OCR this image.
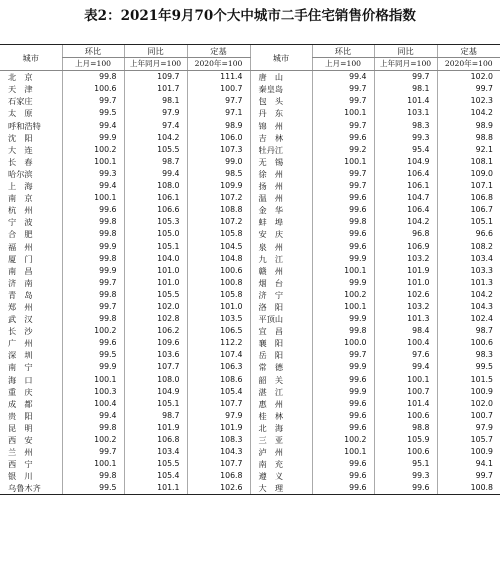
表2：2021年9月70个大中城市二手住宅销售价格指数
城市	环比	同比	定基	城市	环比	同比	定基
	上月=100	上年同月=100	2020年=100		上月=100	上年同月=100	2020年=100
北　京	99.8	109.7	111.4	唐　山	99.4	99.7	102.0
天　津	100.6	101.7	100.7	秦皇岛	99.7	98.1	99.7
石家庄	99.7	98.1	97.7	包　头	99.7	101.4	102.3
太　原	99.5	97.9	97.1	丹　东	100.1	103.1	104.2
呼和浩特	99.4	97.4	98.9	锦　州	99.7	98.3	98.9
沈　阳	99.9	104.2	106.0	吉　林	99.6	99.3	98.8
大　连	100.2	105.5	107.3	牡丹江	99.2	95.4	92.1
长　春	100.1	98.7	99.0	无　锡	100.1	104.9	108.1
哈尔滨	99.3	99.4	98.5	徐　州	99.7	106.4	109.0
上　海	99.4	108.0	109.9	扬　州	99.7	106.1	107.1
南　京	100.1	106.1	107.2	温　州	99.6	104.7	106.8
杭　州	99.6	106.6	108.8	金　华	99.6	106.4	106.7
宁　波	99.8	105.3	107.2	蚌　埠	99.8	104.2	105.1
合　肥	99.8	105.0	105.8	安　庆	99.6	96.8	96.6
福　州	99.9	105.1	104.5	泉　州	99.6	106.9	108.2
厦　门	99.8	104.0	104.8	九　江	99.9	103.2	103.4
南　昌	99.9	101.0	100.6	赣　州	100.1	101.9	103.3
济　南	99.7	101.0	100.8	烟　台	99.9	101.0	101.3
青　岛	99.8	105.5	105.8	济　宁	100.2	102.6	104.2
郑　州	99.7	102.0	101.0	洛　阳	100.1	103.2	104.3
武　汉	99.8	102.8	103.5	平顶山	99.9	101.3	102.4
长　沙	100.2	106.2	106.5	宜　昌	99.8	98.4	98.7
广　州	99.6	109.6	112.2	襄　阳	100.0	100.4	100.6
深　圳	99.5	103.6	107.4	岳　阳	99.7	97.6	98.3
南　宁	99.9	107.7	106.3	常　德	99.9	99.4	99.5
海　口	100.1	108.0	108.6	韶　关	99.6	100.1	101.5
重　庆	100.3	104.9	105.4	湛　江	99.9	100.7	100.9
成　都	100.4	105.1	107.7	惠　州	99.6	101.4	102.0
贵　阳	99.4	98.7	97.9	桂　林	99.6	100.6	100.7
昆　明	99.8	101.9	101.9	北　海	99.6	98.8	97.9
西　安	100.2	106.8	108.3	三　亚	100.2	105.9	105.7
兰　州	99.7	103.4	104.3	泸　州	100.1	100.6	100.9
西　宁	100.1	105.5	107.7	南　充	99.6	95.1	94.1
银　川	99.8	105.4	106.8	遵　义	99.6	99.3	99.7
乌鲁木齐	99.5	101.1	102.6	大　理	99.6	99.6	100.8
